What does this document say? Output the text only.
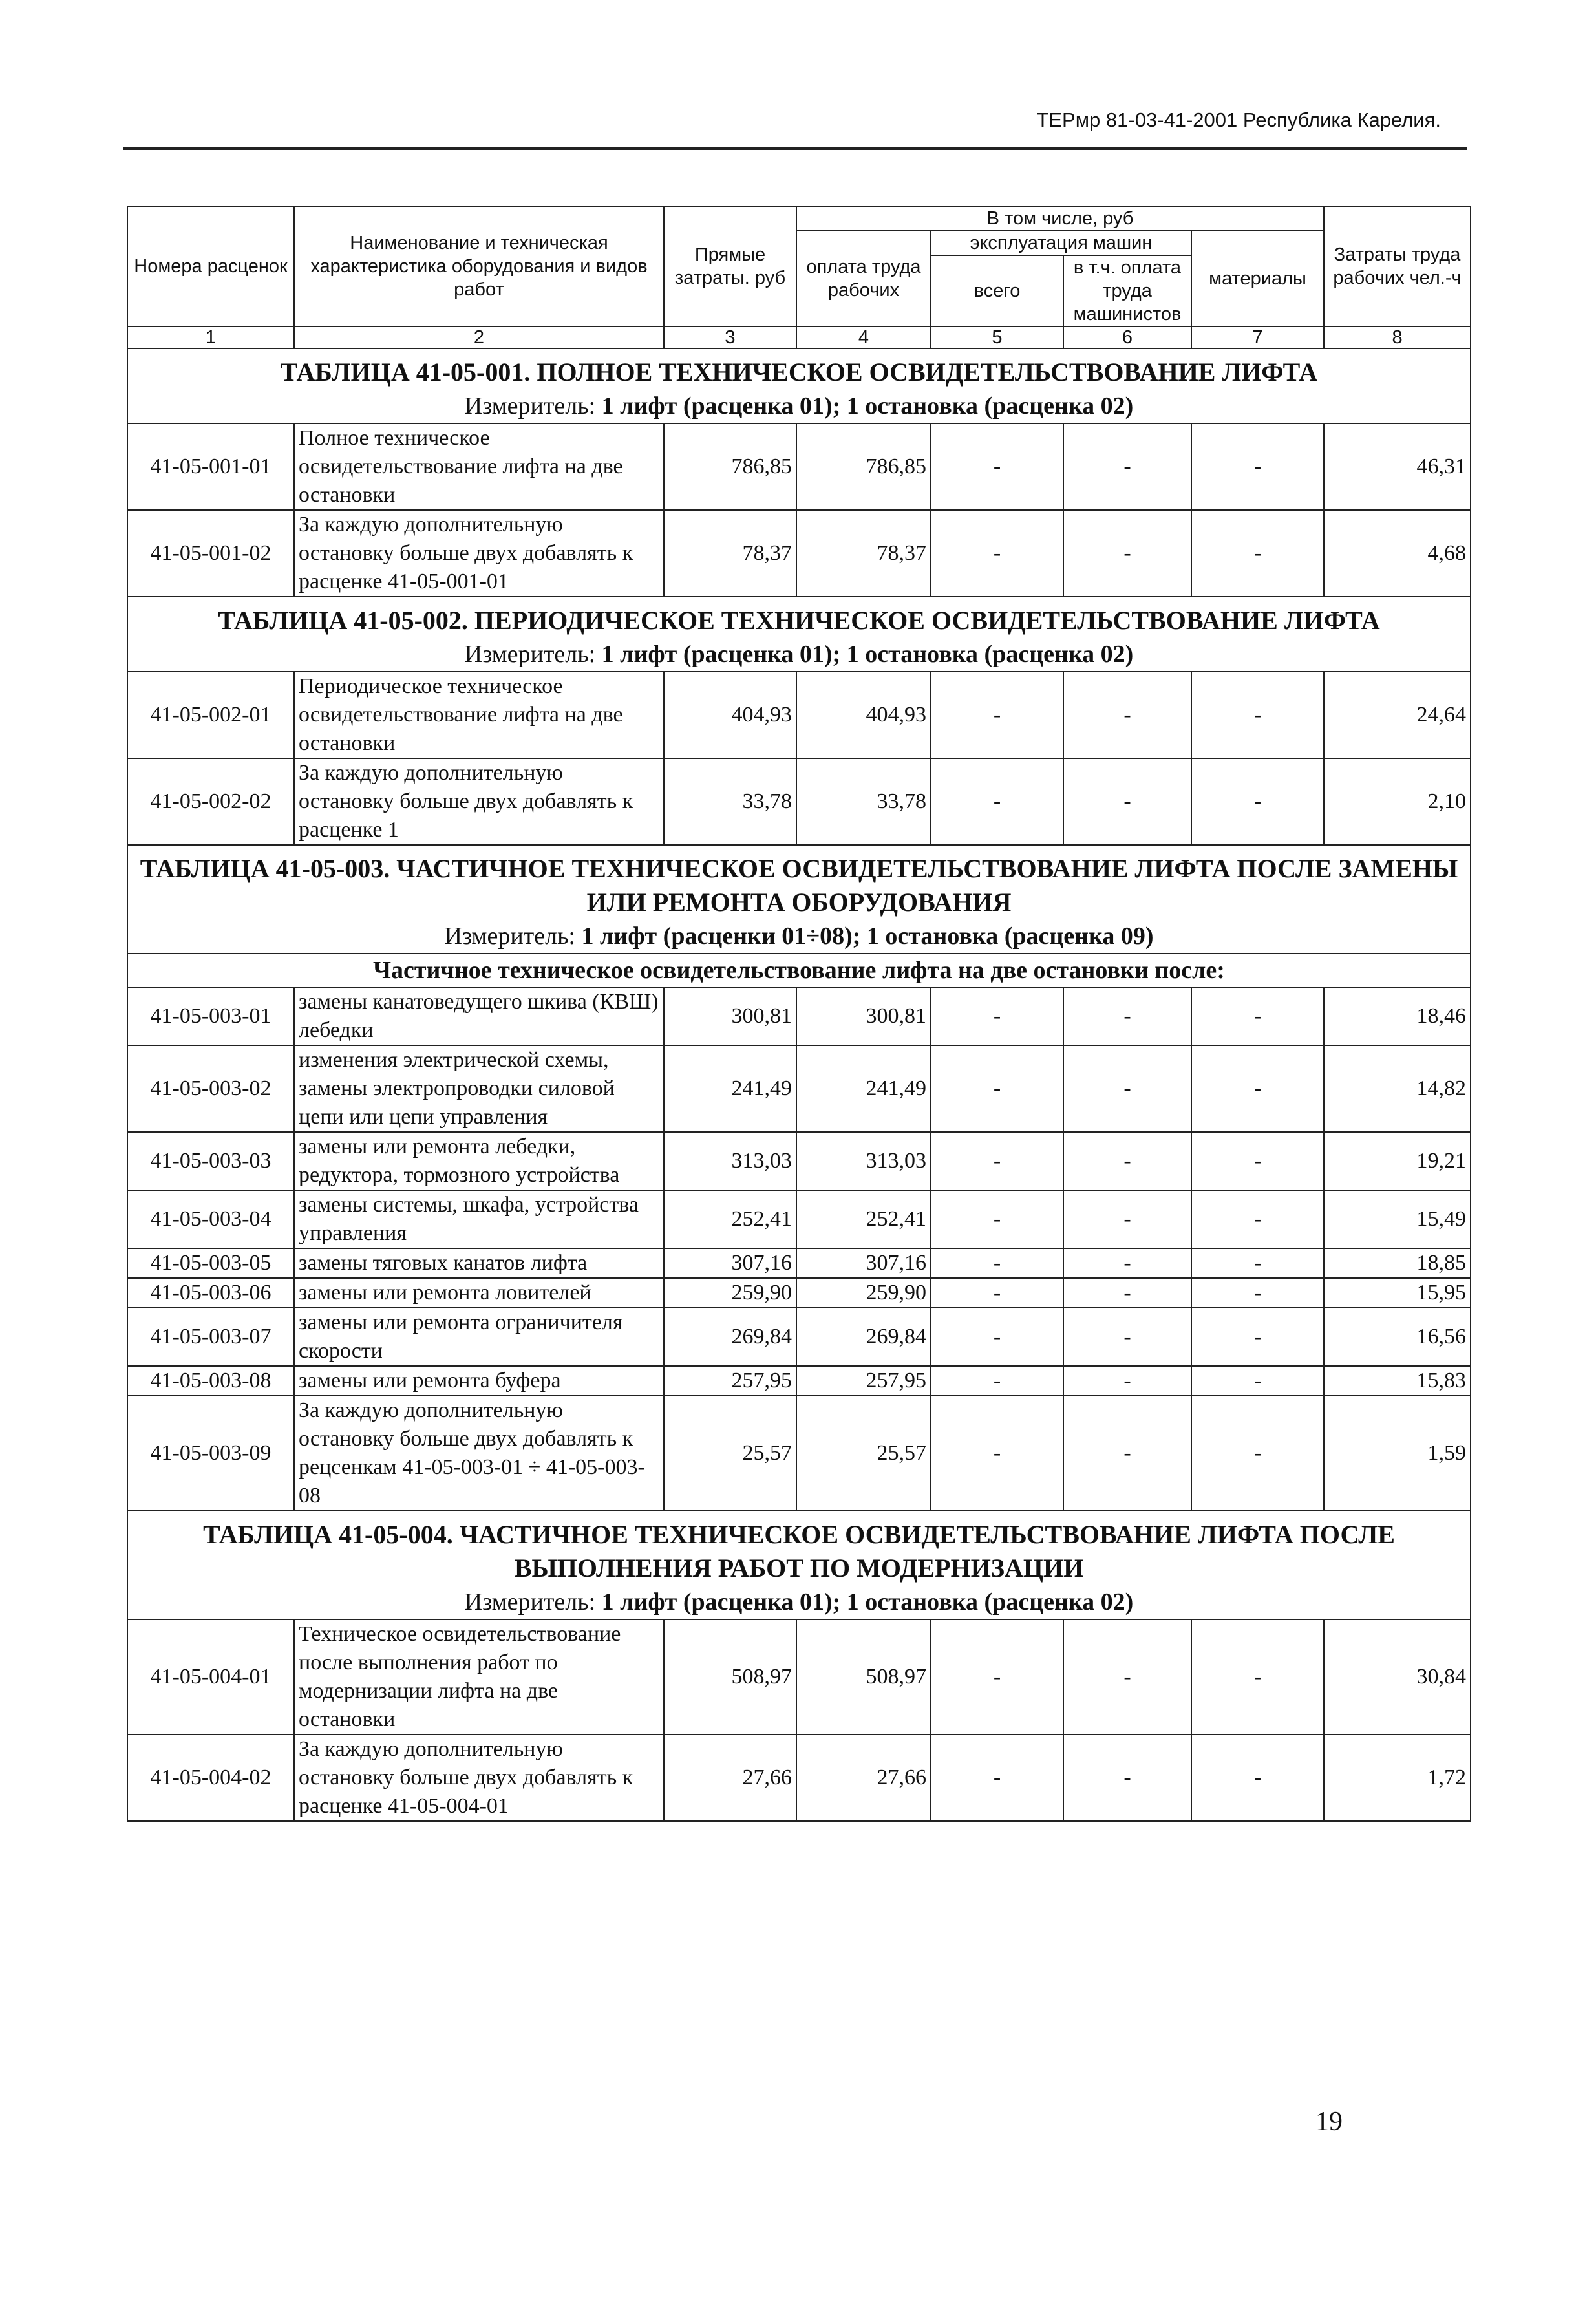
ТЕРмр 81-03-41-2001 Республика Карелия.
Номера расценок	Наименование и техническая характеристика оборудования и видов работ	Прямые затраты. руб	В том числе, руб				Затраты труда рабочих чел.-ч
			оплата труда рабочих	эксплуатация машин		материалы	
				всего	в т.ч. оплата труда машинистов		
1	2	3	4	5	6	7	8
ТАБЛИЦА 41-05-001. ПОЛНОЕ ТЕХНИЧЕСКОЕ ОСВИДЕТЕЛЬСТВОВАНИЕ ЛИФТА							
Измеритель: 1 лифт (расценка 01); 1 остановка (расценка 02)							
41-05-001-01	Полное техническое освидетельствование лифта на две остановки	786,85	786,85	-	-	-	46,31
41-05-001-02	За каждую дополнительную остановку больше двух добавлять к расценке 41-05-001-01	78,37	78,37	-	-	-	4,68
ТАБЛИЦА 41-05-002. ПЕРИОДИЧЕСКОЕ ТЕХНИЧЕСКОЕ ОСВИДЕТЕЛЬСТВОВАНИЕ ЛИФТА							
Измеритель: 1 лифт (расценка 01); 1 остановка (расценка 02)							
41-05-002-01	Периодическое техническое освидетельствование лифта на две остановки	404,93	404,93	-	-	-	24,64
41-05-002-02	За каждую дополнительную остановку больше двух добавлять к расценке 1	33,78	33,78	-	-	-	2,10
ТАБЛИЦА 41-05-003. ЧАСТИЧНОЕ ТЕХНИЧЕСКОЕ ОСВИДЕТЕЛЬСТВОВАНИЕ ЛИФТА ПОСЛЕ ЗАМЕНЫ ИЛИ РЕМОНТА ОБОРУДОВАНИЯ							
Измеритель: 1 лифт (расценки 01÷08); 1 остановка (расценка 09)							
Частичное техническое освидетельствование лифта на две остановки после:							
41-05-003-01	замены канатоведущего шкива (КВШ) лебедки	300,81	300,81	-	-	-	18,46
41-05-003-02	изменения электрической схемы, замены электропроводки силовой цепи или цепи управления	241,49	241,49	-	-	-	14,82
41-05-003-03	замены или ремонта лебедки, редуктора, тормозного устройства	313,03	313,03	-	-	-	19,21
41-05-003-04	замены системы, шкафа, устройства управления	252,41	252,41	-	-	-	15,49
41-05-003-05	замены тяговых канатов лифта	307,16	307,16	-	-	-	18,85
41-05-003-06	замены или ремонта ловителей	259,90	259,90	-	-	-	15,95
41-05-003-07	замены или ремонта ограничителя скорости	269,84	269,84	-	-	-	16,56
41-05-003-08	замены или ремонта буфера	257,95	257,95	-	-	-	15,83
41-05-003-09	За каждую дополнительную остановку больше двух добавлять к рецсенкам 41-05-003-01 ÷ 41-05-003-08	25,57	25,57	-	-	-	1,59
ТАБЛИЦА 41-05-004. ЧАСТИЧНОЕ ТЕХНИЧЕСКОЕ ОСВИДЕТЕЛЬСТВОВАНИЕ ЛИФТА ПОСЛЕ ВЫПОЛНЕНИЯ РАБОТ ПО МОДЕРНИЗАЦИИ							
Измеритель: 1 лифт (расценка 01); 1 остановка (расценка 02)							
41-05-004-01	Техническое освидетельствование после выполнения работ по модернизации лифта на две остановки	508,97	508,97	-	-	-	30,84
41-05-004-02	За каждую дополнительную остановку больше двух добавлять к расценке 41-05-004-01	27,66	27,66	-	-	-	1,72
19
